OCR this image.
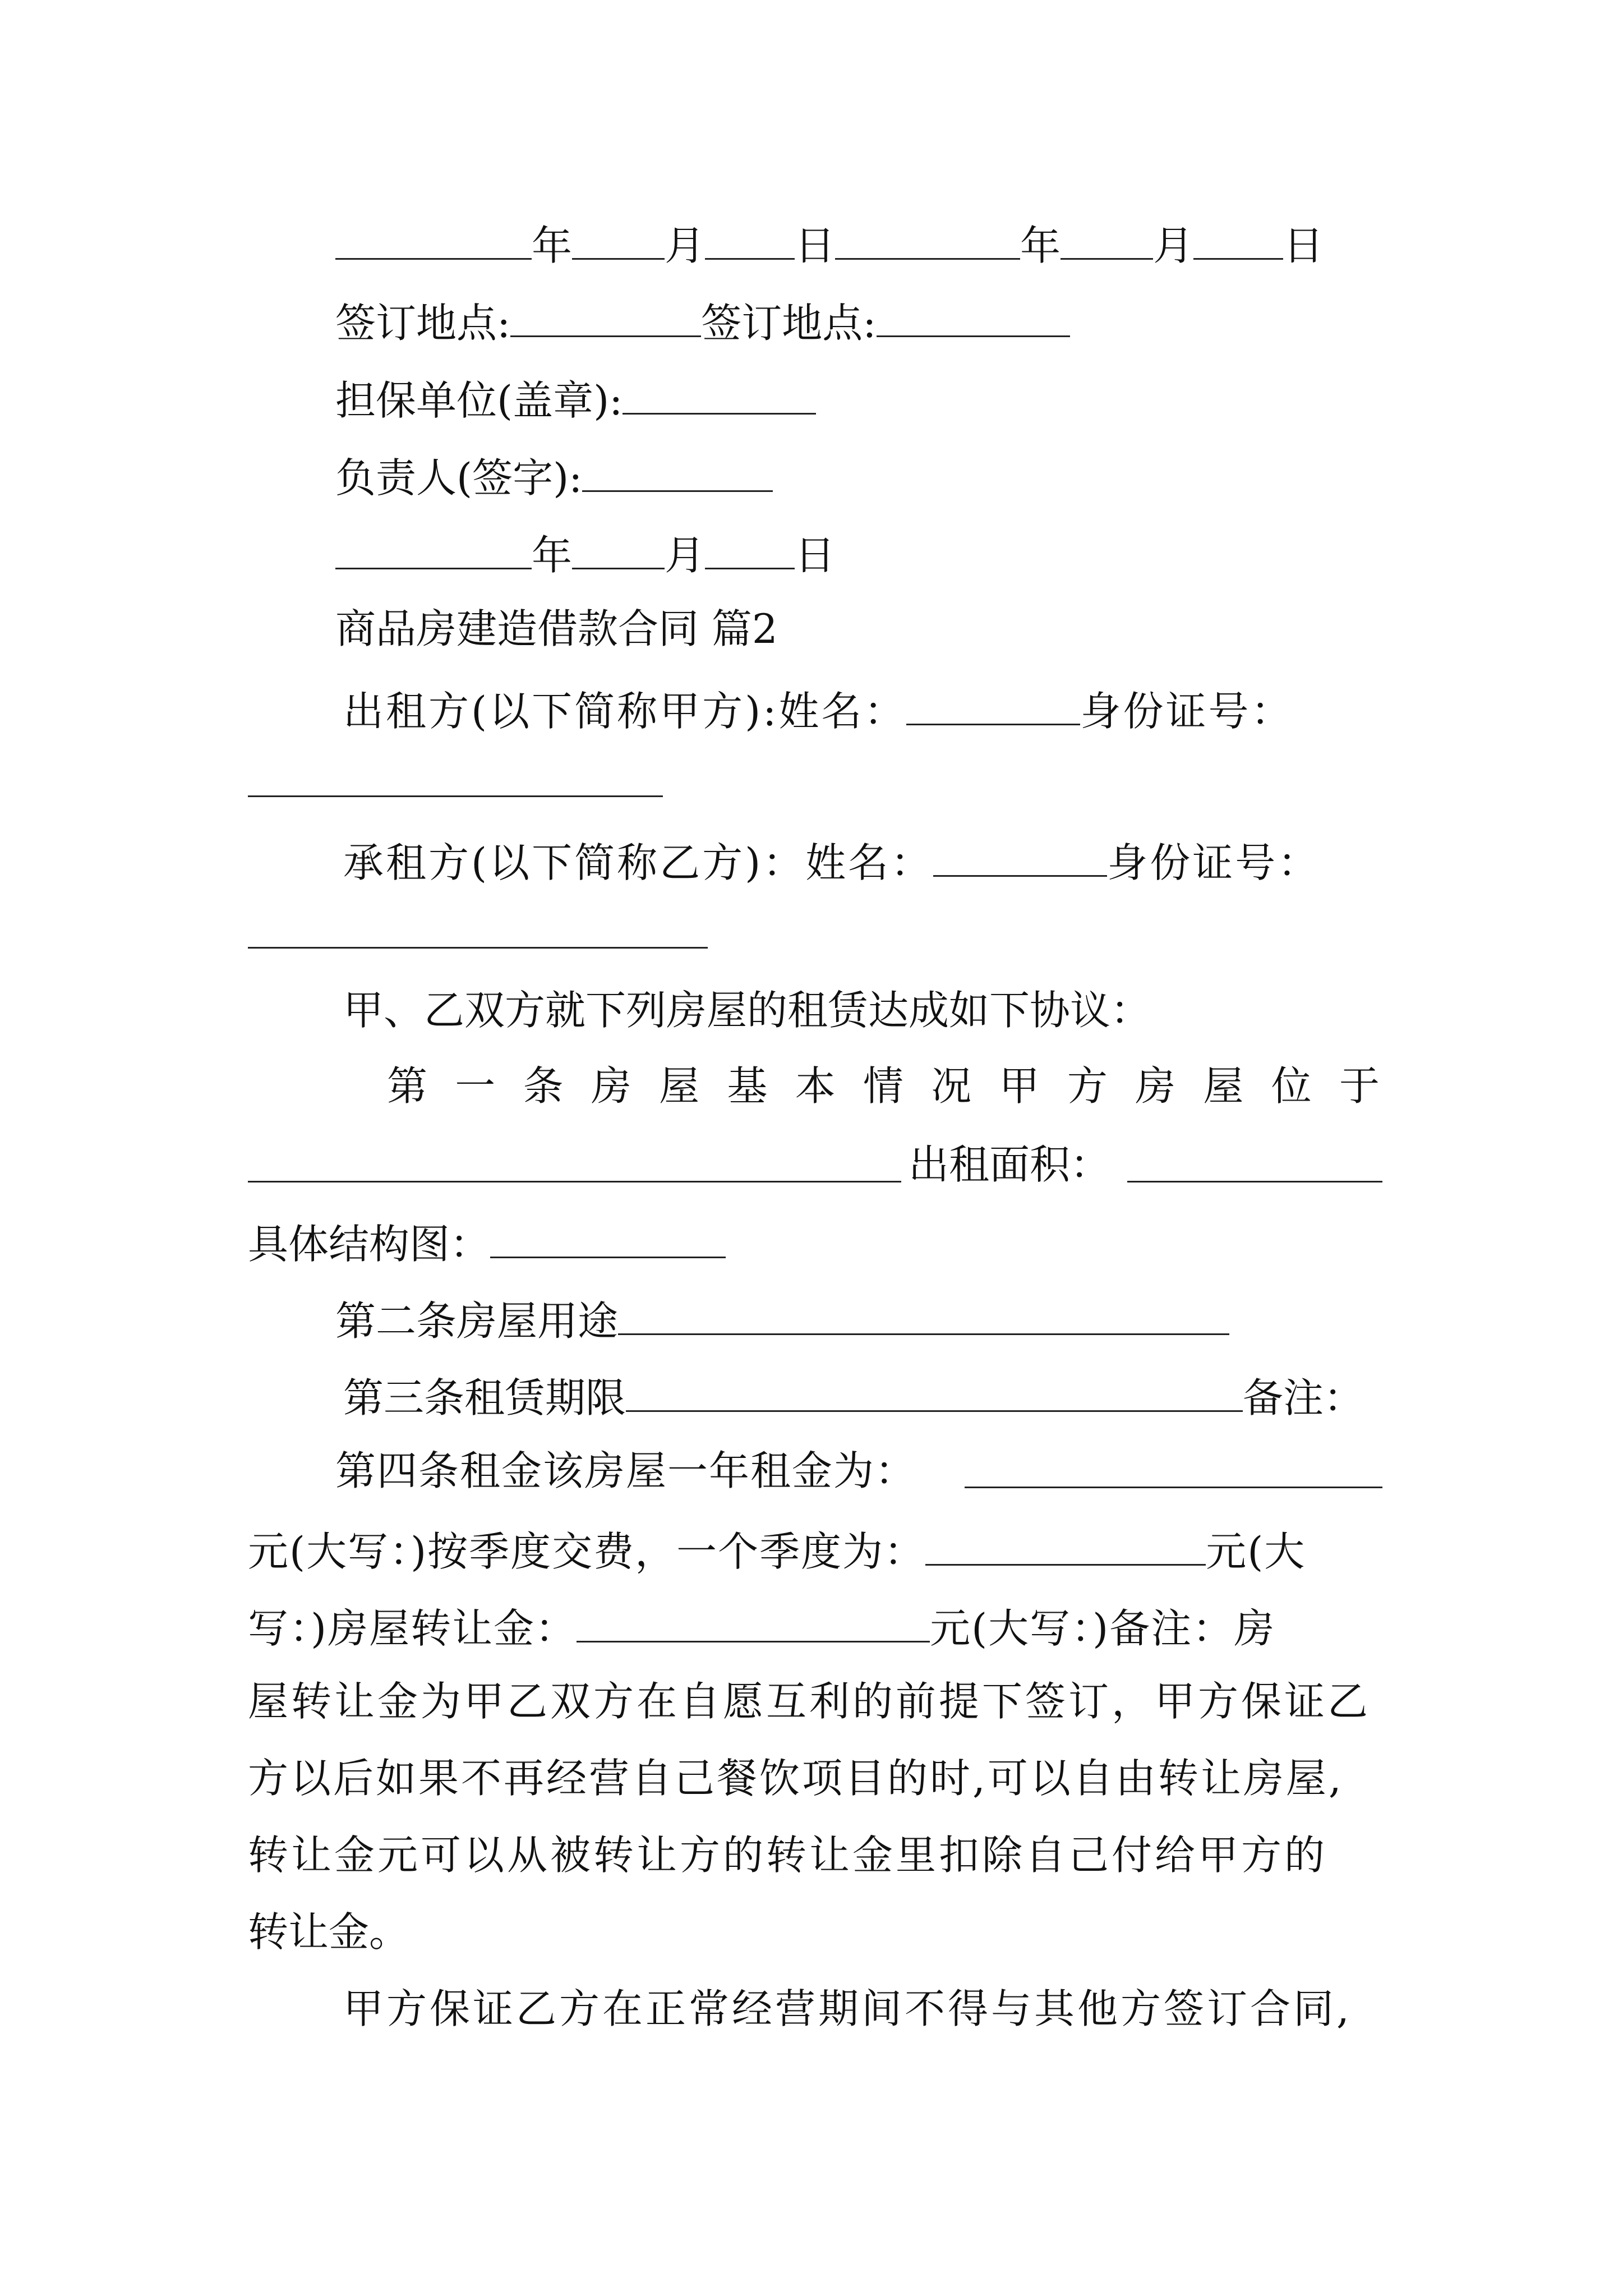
年 月 日	年 月 日
签订地点:	签订地点:
担保单位(盖章):
负责人(签字):
年 月 日
商品房建造借款合同 篇2
出租方(以下简称甲方):姓名：	身份证号：
承租方(以下简称乙方)：姓名：	身份证号：
甲、乙双方就下列房屋的租赁达成如下协议：
第 一 条 房 屋 基 本 情 况 甲 方 房 屋 位 于
出租面积：
具体结构图：
第二条房屋用途
第三条租赁期限	备注：
第四条租金该房屋一年租金为：
元(大写：)按季度交费，一个季度为：	元(大
写：)房屋转让金：	元(大写：)备注：房
屋转让金为甲乙双方在自愿互利的前提下签订，甲方保证乙
方以后如果不再经营自己餐饮项目的时,可以自由转让房屋,
转让金元可以从被转让方的转让金里扣除自己付给甲方的
转让金。
甲方保证乙方在正常经营期间不得与其他方签订合同,
